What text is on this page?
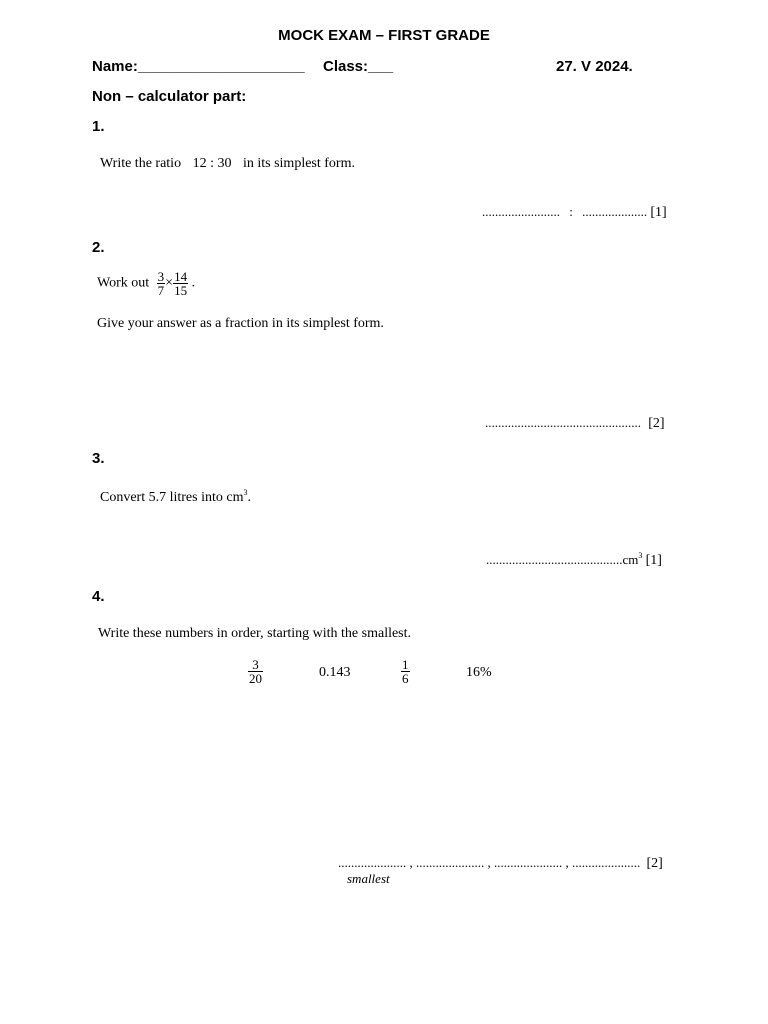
MOCK EXAM – FIRST GRADE
Name:____________________ Class:___	27. V 2024.
Non – calculator part:
1.
Write the ratio 12 : 30 in its simplest form.
........................ : .................... [1]
2.
Work out $\frac{3}{7} \times \frac{14}{15}$ .
Give your answer as a fraction in its simplest form.
................................................ [2]
3.
Convert 5.7 litres into $cm^3$.
$..........................................cm^3$ [1]
4.
Write these numbers in order, starting with the smallest.
$\frac{3}{20}$	0.143	$\frac{1}{6}$	16%
..................... , ..................... , ..................... , ..................... [2]
smallest
